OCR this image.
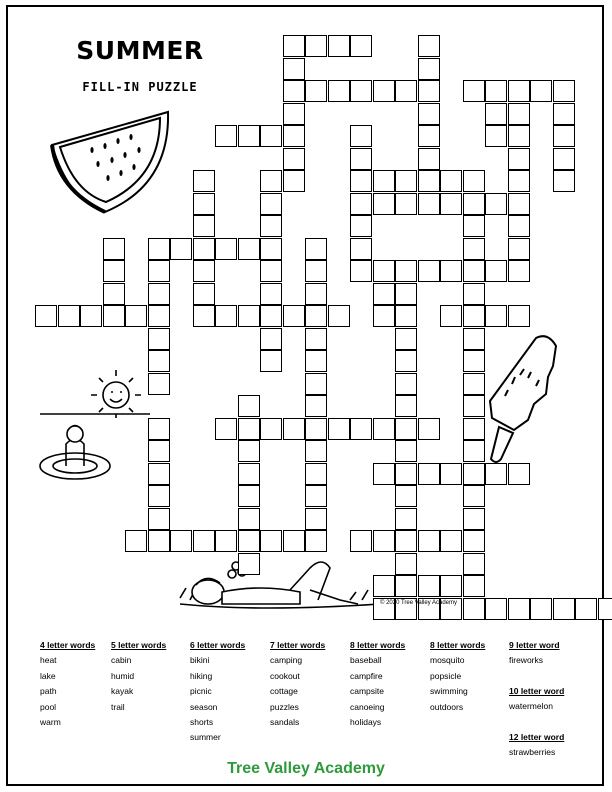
SUMMER
FILL-IN PUZZLE
© 2020 Tree Valley Academy
4 letter words
heat
lake
path
pool
warm
5 letter words
cabin
humid
kayak
trail
6 letter words
bikini
hiking
picnic
season
shorts
summer
7 letter words
camping
cookout
cottage
puzzles
sandals
8 letter words
baseball
campfire
campsite
canoeing
holidays
8 letter words
mosquito
popsicle
swimming
outdoors
9 letter word
fireworks
10 letter word
watermelon
12 letter word
strawberries
Tree Valley Academy
